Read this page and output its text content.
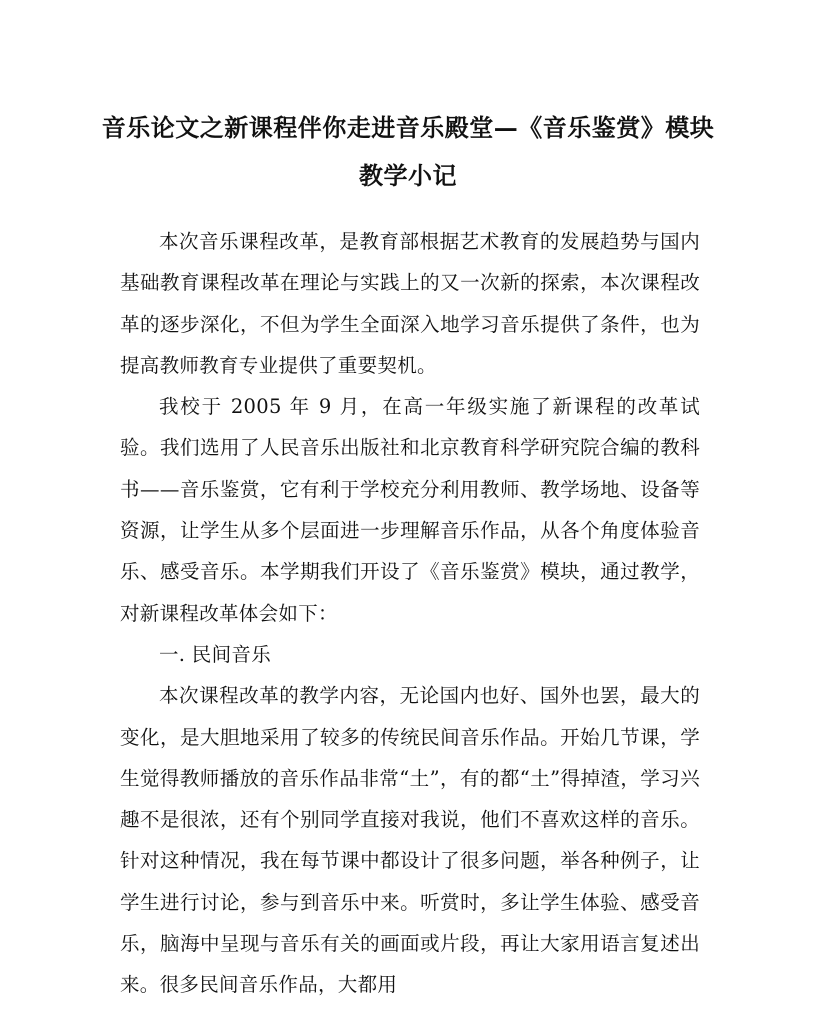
音乐论文之新课程伴你走进音乐殿堂—《音乐鉴赏》模块教学小记

本次音乐课程改革，是教育部根据艺术教育的发展趋势与国内基础教育课程改革在理论与实践上的又一次新的探索，本次课程改革的逐步深化，不但为学生全面深入地学习音乐提供了条件，也为提高教师教育专业提供了重要契机。

我校于 2005 年 9 月，在高一年级实施了新课程的改革试验。我们选用了人民音乐出版社和北京教育科学研究院合编的教科书——音乐鉴赏，它有利于学校充分利用教师、教学场地、设备等资源，让学生从多个层面进一步理解音乐作品，从各个角度体验音乐、感受音乐。本学期我们开设了《音乐鉴赏》模块，通过教学，对新课程改革体会如下：

一. 民间音乐

本次课程改革的教学内容，无论国内也好、国外也罢，最大的变化，是大胆地采用了较多的传统民间音乐作品。开始几节课，学生觉得教师播放的音乐作品非常“土”，有的都“土”得掉渣，学习兴趣不是很浓，还有个别同学直接对我说，他们不喜欢这样的音乐。针对这种情况，我在每节课中都设计了很多问题，举各种例子，让学生进行讨论，参与到音乐中来。听赏时，多让学生体验、感受音乐，脑海中呈现与音乐有关的画面或片段，再让大家用语言复述出来。很多民间音乐作品，大都用
